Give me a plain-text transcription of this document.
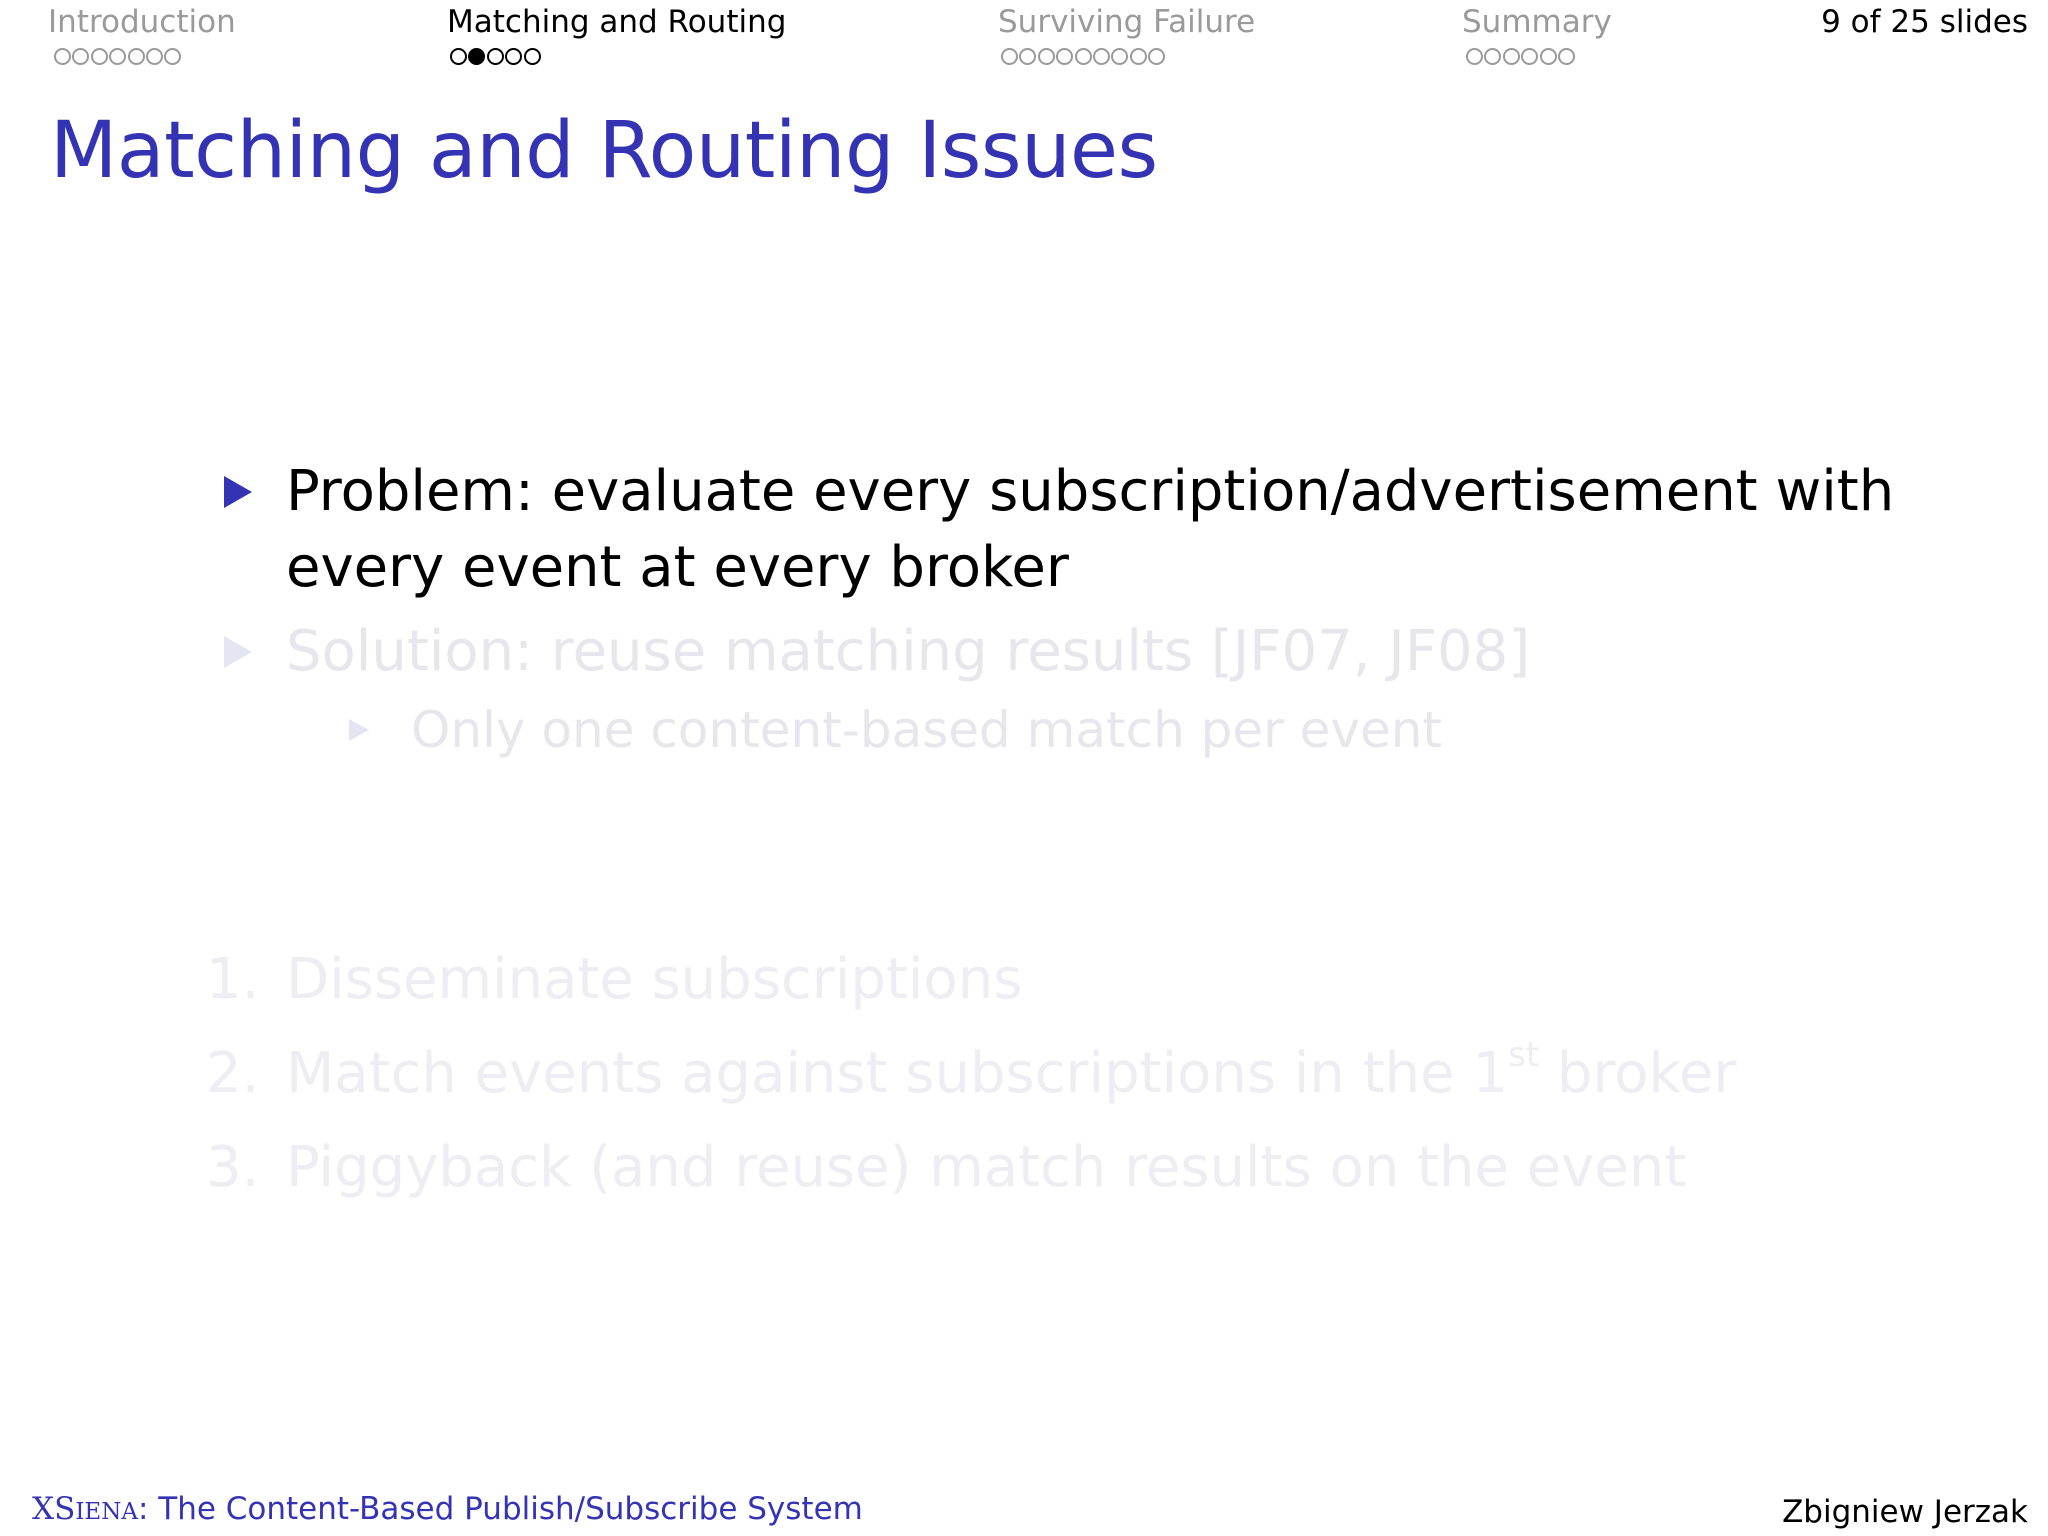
Introduction	Matching and Routing	Surviving Failure	Summary	9 of 25 slides
Matching and Routing Issues
Problem: evaluate every subscription/advertisement with
every event at every broker
Solution: reuse matching results [JF07, JF08]
Only one content-based match per event
1. Disseminate subscriptions
2. Match events against subscriptions in the 1st broker
3. Piggyback (and reuse) match results on the event
XSIENA: The Content-Based Publish/Subscribe System	Zbigniew Jerzak
